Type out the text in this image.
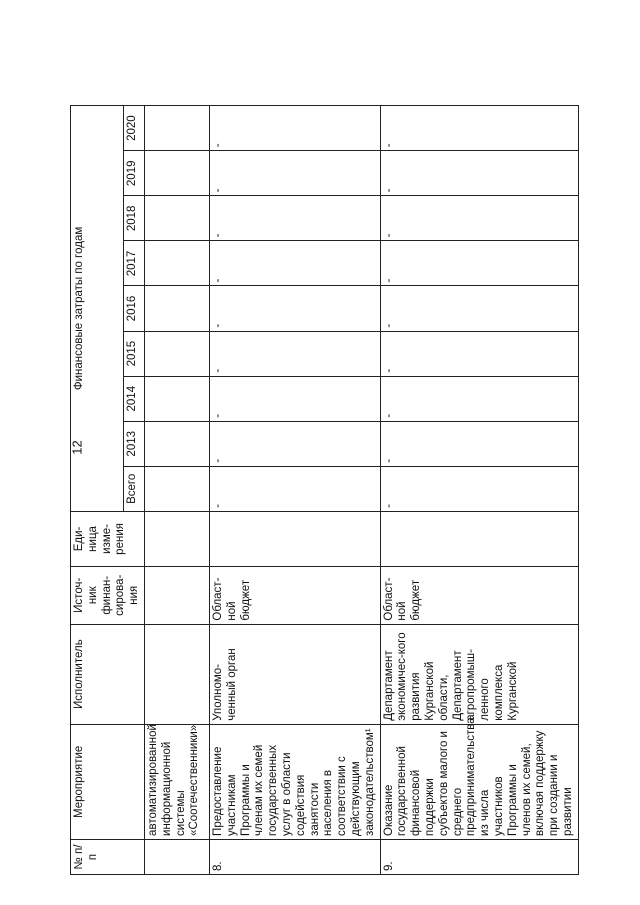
12
№ п/п	Мероприятие	Исполнитель	Источ-ник финан-сирова-ния	Еди-ница изме-рения	Финансовые затраты по годам								
					Всего	2013	2014	2015	2016	2017	2018	2019	2020
	автоматизированной информационной системы «Соотечественники»												
8.	Предоставление участникам Программы и членам их семей государственных услуг в области содействия занятости населения в соответствии с действующим законодательством¹	Уполномо-ченный орган	Област-ной бюджет		-	-	-	-	-	-	-	-	-
9.	Оказание государственной финансовой поддержки субъектов малого и среднего предпринимательства из числа участников Программы и членов их семей, включая поддержку при создании и развитии	Департамент экономичес-кого развития Курганской области, Департамент агропромыш-ленного комплекса Курганской	Област-ной бюджет		-	-	-	-	-	-	-	-	-
